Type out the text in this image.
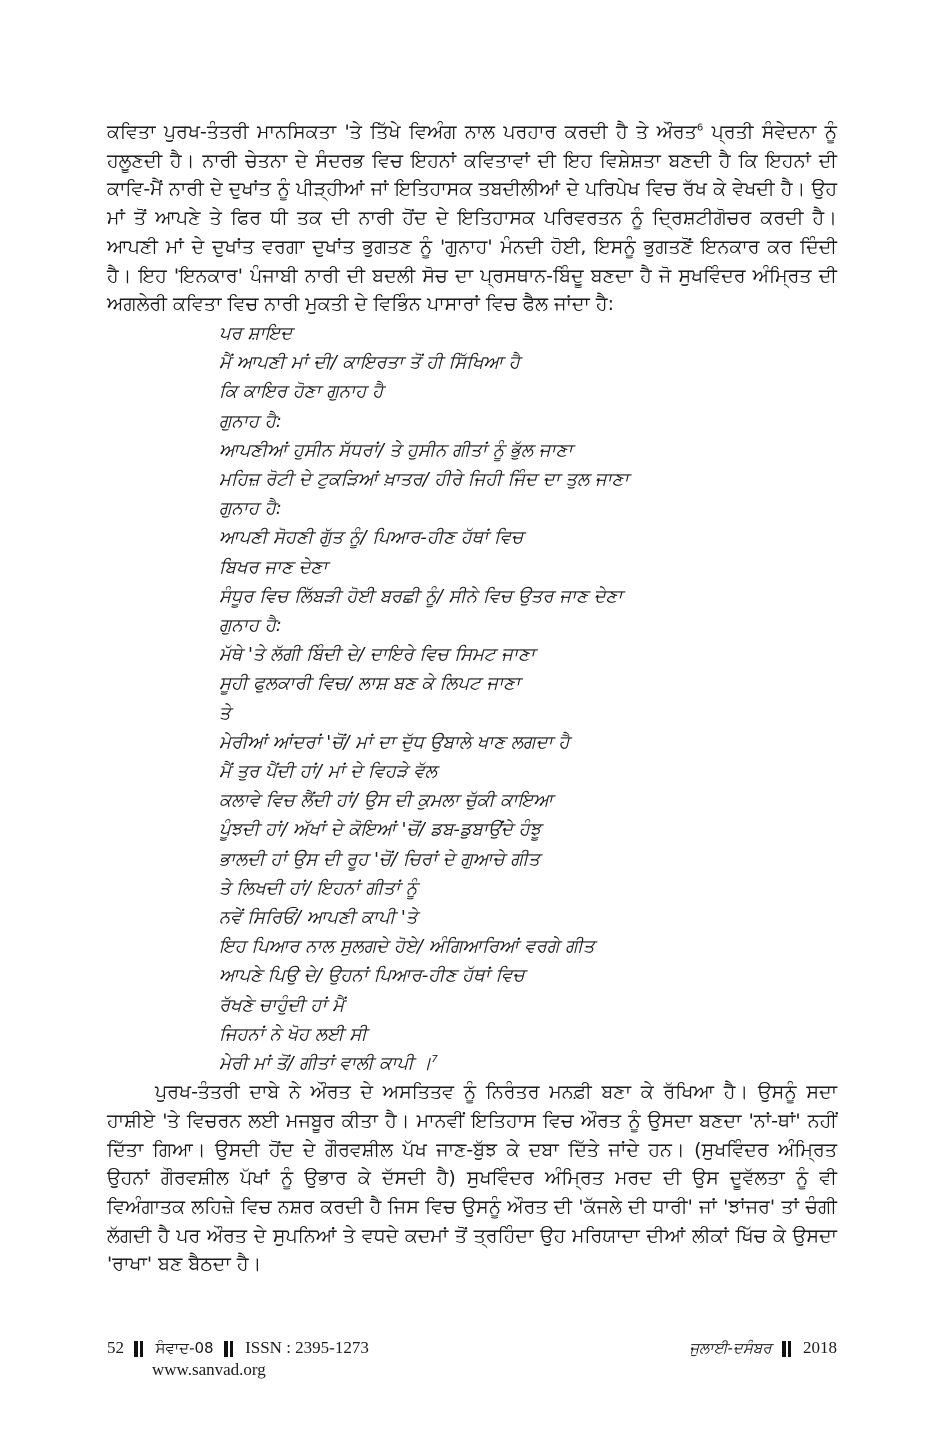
ਕਵਿਤਾ ਪੁਰਖ-ਤੰਤਰੀ ਮਾਨਸਿਕਤਾ 'ਤੇ ਤਿੱਖੇ ਵਿਅੰਗ ਨਾਲ ਪਰਹਾਰ ਕਰਦੀ ਹੈ ਤੇ ਔਰਤ$^6$ ਪ੍ਰਤੀ ਸੰਵੇਦਨਾ ਨੂੰ ਹਲੂਣਦੀ ਹੈ। ਨਾਰੀ ਚੇਤਨਾ ਦੇ ਸੰਦਰਭ ਵਿਚ ਇਹਨਾਂ ਕਵਿਤਾਵਾਂ ਦੀ ਇਹ ਵਿਸ਼ੇਸ਼ਤਾ ਬਣਦੀ ਹੈ ਕਿ ਇਹਨਾਂ ਦੀ ਕਾਵਿ-ਮੈਂ ਨਾਰੀ ਦੇ ਦੁਖਾਂਤ ਨੂੰ ਪੀੜ੍ਹੀਆਂ ਜਾਂ ਇਤਿਹਾਸਕ ਤਬਦੀਲੀਆਂ ਦੇ ਪਰਿਪੇਖ ਵਿਚ ਰੱਖ ਕੇ ਵੇਖਦੀ ਹੈ। ਉਹ ਮਾਂ ਤੋਂ ਆਪਣੇ ਤੇ ਫਿਰ ਧੀ ਤਕ ਦੀ ਨਾਰੀ ਹੋਂਦ ਦੇ ਇਤਿਹਾਸਕ ਪਰਿਵਰਤਨ ਨੂੰ ਦ੍ਰਿਸ਼ਟੀਗੋਚਰ ਕਰਦੀ ਹੈ। ਆਪਣੀ ਮਾਂ ਦੇ ਦੁਖਾਂਤ ਵਰਗਾ ਦੁਖਾਂਤ ਭੁਗਤਣ ਨੂੰ 'ਗੁਨਾਹ' ਮੰਨਦੀ ਹੋਈ, ਇਸਨੂੰ ਭੁਗਤਣੋਂ ਇਨਕਾਰ ਕਰ ਦਿੰਦੀ ਹੈ। ਇਹ 'ਇਨਕਾਰ' ਪੰਜਾਬੀ ਨਾਰੀ ਦੀ ਬਦਲੀ ਸੋਚ ਦਾ ਪ੍ਰਸਥਾਨ-ਬਿੰਦੂ ਬਣਦਾ ਹੈ ਜੋ ਸੁਖਵਿੰਦਰ ਅੰਮ੍ਰਿਤ ਦੀ ਅਗਲੇਰੀ ਕਵਿਤਾ ਵਿਚ ਨਾਰੀ ਮੁਕਤੀ ਦੇ ਵਿਭਿੰਨ ਪਾਸਾਰਾਂ ਵਿਚ ਫੈਲ ਜਾਂਦਾ ਹੈ:

ਪਰ ਸ਼ਾਇਦ
ਮੈਂ ਆਪਣੀ ਮਾਂ ਦੀ/ ਕਾਇਰਤਾ ਤੋਂ ਹੀ ਸਿੱਖਿਆ ਹੈ
ਕਿ ਕਾਇਰ ਹੋਣਾ ਗੁਨਾਹ ਹੈ
ਗੁਨਾਹ ਹੈ:
ਆਪਣੀਆਂ ਹੁਸੀਨ ਸੱਧਰਾਂ/ ਤੇ ਹੁਸੀਨ ਗੀਤਾਂ ਨੂੰ ਭੁੱਲ ਜਾਣਾ
ਮਹਿਜ਼ ਰੋਟੀ ਦੇ ਟੁਕੜਿਆਂ ਖ਼ਾਤਰ/ ਹੀਰੇ ਜਿਹੀ ਜਿੰਦ ਦਾ ਤੁਲ ਜਾਣਾ
ਗੁਨਾਹ ਹੈ:
ਆਪਣੀ ਸੋਹਣੀ ਗੁੱਤ ਨੂੰ/ ਪਿਆਰ-ਹੀਣ ਹੱਥਾਂ ਵਿਚ
ਬਿਖਰ ਜਾਣ ਦੇਣਾ
ਸੰਧੂਰ ਵਿਚ ਲਿੱਬੜੀ ਹੋਈ ਬਰਛੀ ਨੂੰ/ ਸੀਨੇ ਵਿਚ ਉਤਰ ਜਾਣ ਦੇਣਾ
ਗੁਨਾਹ ਹੈ:
ਮੱਥੇ 'ਤੇ ਲੱਗੀ ਬਿੰਦੀ ਦੇ/ ਦਾਇਰੇ ਵਿਚ ਸਿਮਟ ਜਾਣਾ
ਸੂਹੀ ਫੁਲਕਾਰੀ ਵਿਚ/ ਲਾਸ਼ ਬਣ ਕੇ ਲਿਪਟ ਜਾਣਾ
ਤੇ
ਮੇਰੀਆਂ ਆਂਦਰਾਂ 'ਚੋਂ/ ਮਾਂ ਦਾ ਦੁੱਧ ਉਬਾਲੇ ਖਾਣ ਲਗਦਾ ਹੈ
ਮੈਂ ਤੁਰ ਪੈਂਦੀ ਹਾਂ/ ਮਾਂ ਦੇ ਵਿਹੜੇ ਵੱਲ
ਕਲਾਵੇ ਵਿਚ ਲੈਂਦੀ ਹਾਂ/ ਉਸ ਦੀ ਕੁਮਲਾ ਚੁੱਕੀ ਕਾਇਆ
ਪੂੰਝਦੀ ਹਾਂ/ ਅੱਖਾਂ ਦੇ ਕੋਇਆਂ 'ਚੋਂ/ ਡਬ-ਡੁਬਾਉਂਦੇ ਹੰਝੂ
ਭਾਲਦੀ ਹਾਂ ਉਸ ਦੀ ਰੂਹ 'ਚੋਂ/ ਚਿਰਾਂ ਦੇ ਗੁਆਚੇ ਗੀਤ
ਤੇ ਲਿਖਦੀ ਹਾਂ/ ਇਹਨਾਂ ਗੀਤਾਂ ਨੂੰ
ਨਵੇਂ ਸਿਰਿਓਂ/ ਆਪਣੀ ਕਾਪੀ 'ਤੇ
ਇਹ ਪਿਆਰ ਨਾਲ ਸੁਲਗਦੇ ਹੋਏ/ ਅੰਗਿਆਰਿਆਂ ਵਰਗੇ ਗੀਤ
ਆਪਣੇ ਪਿਉ ਦੇ/ ਉਹਨਾਂ ਪਿਆਰ-ਹੀਣ ਹੱਥਾਂ ਵਿਚ
ਰੱਖਣੇ ਚਾਹੁੰਦੀ ਹਾਂ ਮੈਂ
ਜਿਹਨਾਂ ਨੇ ਖੋਹ ਲਈ ਸੀ
ਮੇਰੀ ਮਾਂ ਤੋਂ/ ਗੀਤਾਂ ਵਾਲੀ ਕਾਪੀ ।$^7$

ਪੁਰਖ-ਤੰਤਰੀ ਦਾਬੇ ਨੇ ਔਰਤ ਦੇ ਅਸਤਿਤਵ ਨੂੰ ਨਿਰੰਤਰ ਮਨਫ਼ੀ ਬਣਾ ਕੇ ਰੱਖਿਆ ਹੈ। ਉਸਨੂੰ ਸਦਾ ਹਾਸ਼ੀਏ 'ਤੇ ਵਿਚਰਨ ਲਈ ਮਜਬੂਰ ਕੀਤਾ ਹੈ। ਮਾਨਵੀਂ ਇਤਿਹਾਸ ਵਿਚ ਔਰਤ ਨੂੰ ਉਸਦਾ ਬਣਦਾ 'ਨਾਂ-ਥਾਂ' ਨਹੀਂ ਦਿੱਤਾ ਗਿਆ। ਉਸਦੀ ਹੋਂਦ ਦੇ ਗੌਰਵਸ਼ੀਲ ਪੱਖ ਜਾਣ-ਬੁੱਝ ਕੇ ਦਬਾ ਦਿੱਤੇ ਜਾਂਦੇ ਹਨ। (ਸੁਖਵਿੰਦਰ ਅੰਮ੍ਰਿਤ ਉਹਨਾਂ ਗੌਰਵਸ਼ੀਲ ਪੱਖਾਂ ਨੂੰ ਉਭਾਰ ਕੇ ਦੱਸਦੀ ਹੈ) ਸੁਖਵਿੰਦਰ ਅੰਮ੍ਰਿਤ ਮਰਦ ਦੀ ਉਸ ਦੂਵੱਲਤਾ ਨੂੰ ਵੀ ਵਿਅੰਗਾਤਕ ਲਹਿਜ਼ੇ ਵਿਚ ਨਸ਼ਰ ਕਰਦੀ ਹੈ ਜਿਸ ਵਿਚ ਉਸਨੂੰ ਔਰਤ ਦੀ 'ਕੱਜਲੇ ਦੀ ਧਾਰੀ' ਜਾਂ 'ਝਾਂਜਰ' ਤਾਂ ਚੰਗੀ ਲੱਗਦੀ ਹੈ ਪਰ ਔਰਤ ਦੇ ਸੁਪਨਿਆਂ ਤੇ ਵਧਦੇ ਕਦਮਾਂ ਤੋਂ ਤ੍ਰਹਿੰਦਾ ਉਹ ਮਰਿਯਾਦਾ ਦੀਆਂ ਲੀਕਾਂ ਖਿੱਚ ਕੇ ਉਸਦਾ 'ਰਾਖਾ' ਬਣ ਬੈਠਦਾ ਹੈ।

52 ਸੰਵਾਦ-08 ISSN : 2395-1273
www.sanvad.org
ਜੁਲਾਈ-ਦਸੰਬਰ 2018
